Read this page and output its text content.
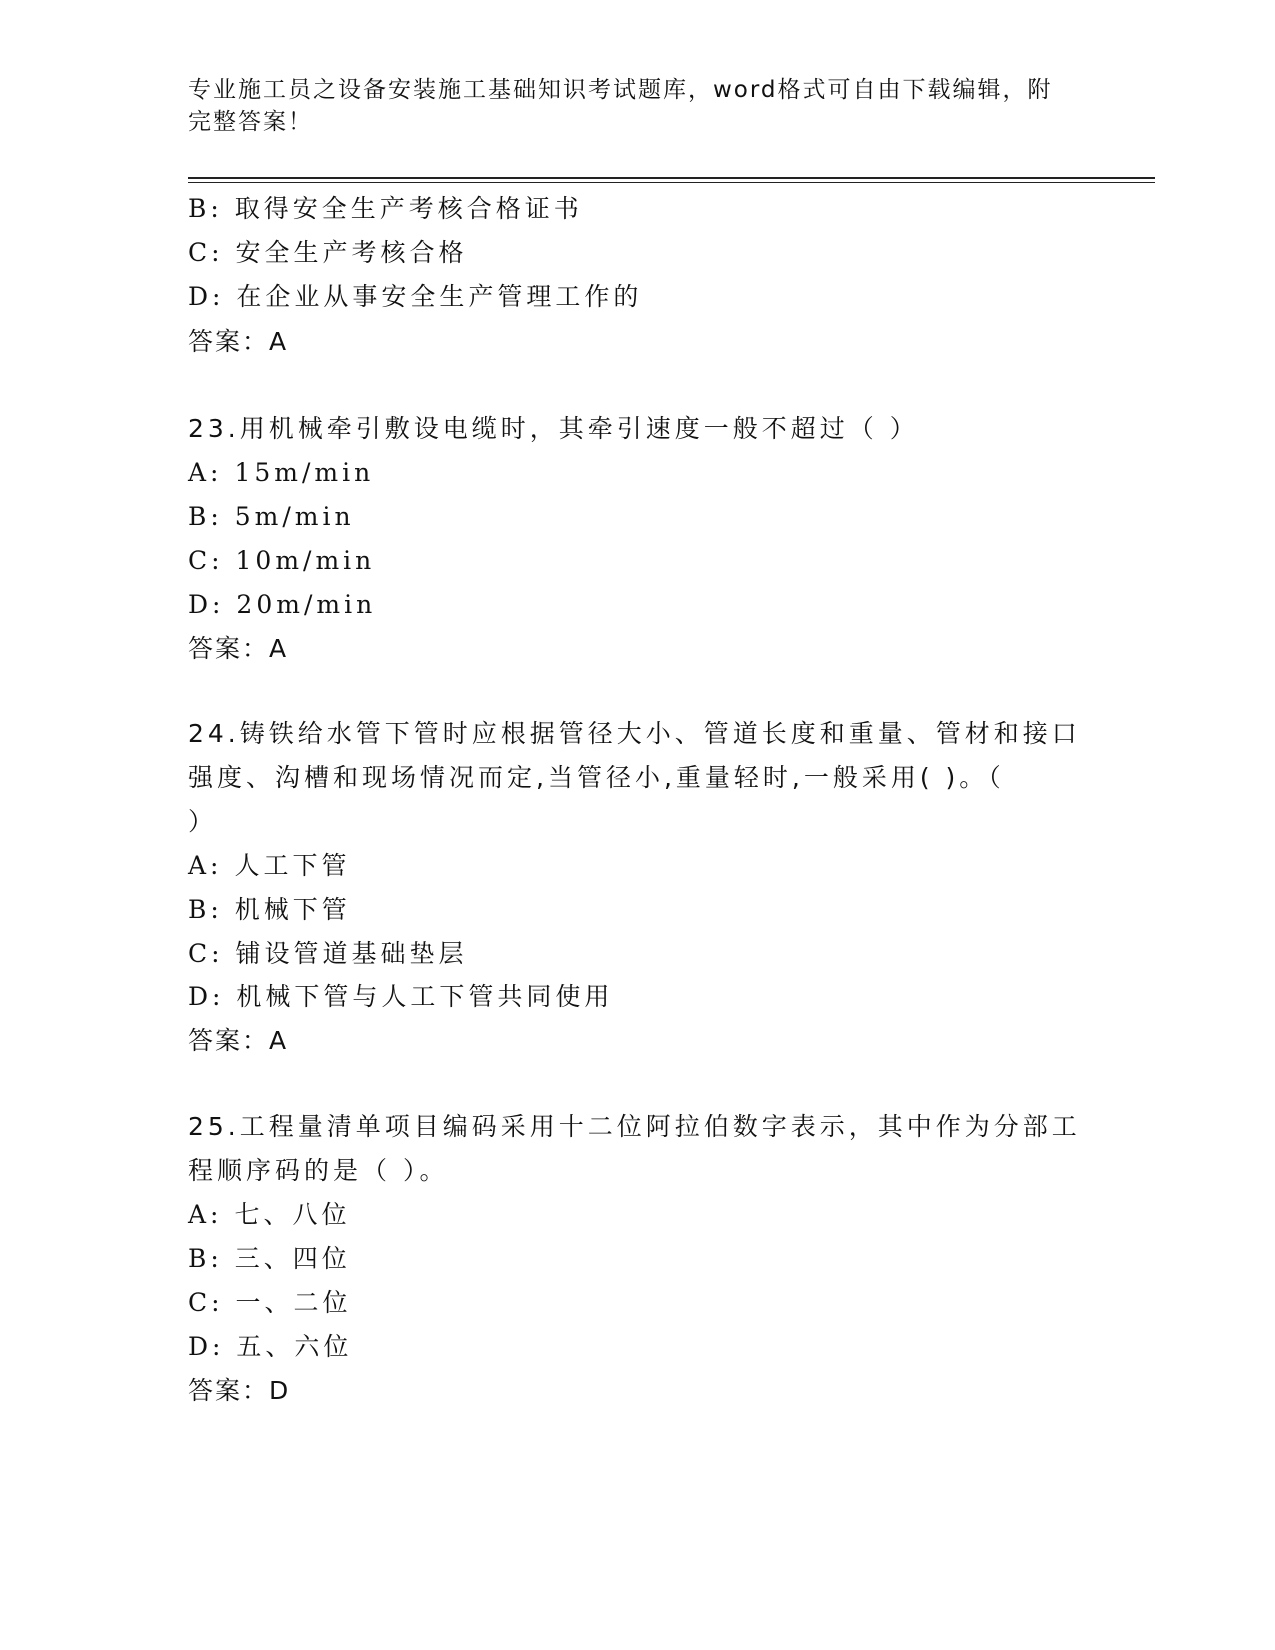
专业施工员之设备安装施工基础知识考试题库，word格式可自由下载编辑，附完整答案！
B: 取得安全生产考核合格证书
C: 安全生产考核合格
D: 在企业从事安全生产管理工作的
答案：A
23.用机械牵引敷设电缆时，其牵引速度一般不超过（ ）
A: 15m/min
B: 5m/min
C: 10m/min
D: 20m/min
答案：A
24.铸铁给水管下管时应根据管径大小、管道长度和重量、管材和接口
强度、沟槽和现场情况而定,当管径小,重量轻时,一般采用( )。（
）
A: 人工下管
B: 机械下管
C: 铺设管道基础垫层
D: 机械下管与人工下管共同使用
答案：A
25.工程量清单项目编码采用十二位阿拉伯数字表示，其中作为分部工
程顺序码的是（ ）。
A: 七、八位
B: 三、四位
C: 一、二位
D: 五、六位
答案：D
